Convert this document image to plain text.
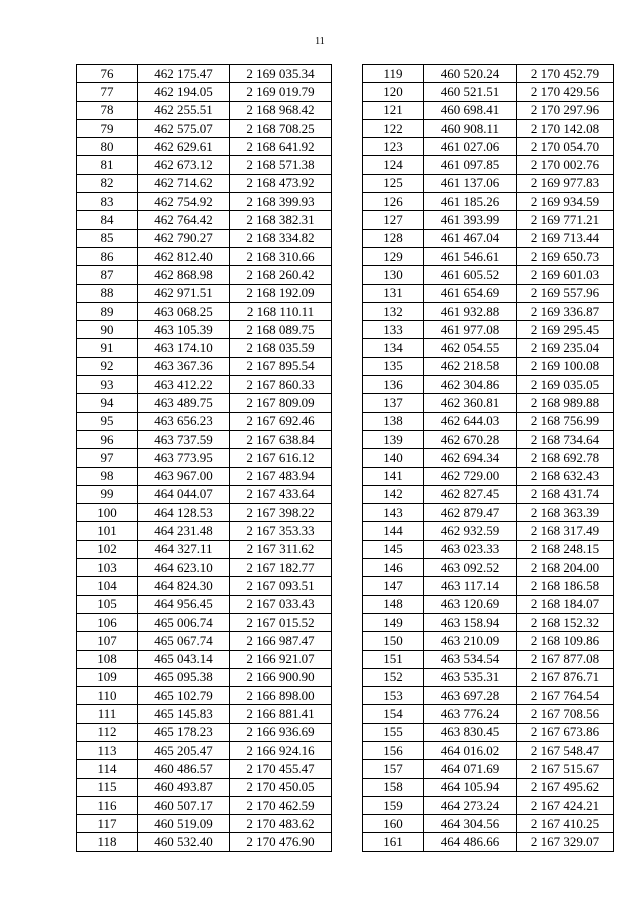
11
76	462 175.47	2 169 035.34
77	462 194.05	2 169 019.79
78	462 255.51	2 168 968.42
79	462 575.07	2 168 708.25
80	462 629.61	2 168 641.92
81	462 673.12	2 168 571.38
82	462 714.62	2 168 473.92
83	462 754.92	2 168 399.93
84	462 764.42	2 168 382.31
85	462 790.27	2 168 334.82
86	462 812.40	2 168 310.66
87	462 868.98	2 168 260.42
88	462 971.51	2 168 192.09
89	463 068.25	2 168 110.11
90	463 105.39	2 168 089.75
91	463 174.10	2 168 035.59
92	463 367.36	2 167 895.54
93	463 412.22	2 167 860.33
94	463 489.75	2 167 809.09
95	463 656.23	2 167 692.46
96	463 737.59	2 167 638.84
97	463 773.95	2 167 616.12
98	463 967.00	2 167 483.94
99	464 044.07	2 167 433.64
100	464 128.53	2 167 398.22
101	464 231.48	2 167 353.33
102	464 327.11	2 167 311.62
103	464 623.10	2 167 182.77
104	464 824.30	2 167 093.51
105	464 956.45	2 167 033.43
106	465 006.74	2 167 015.52
107	465 067.74	2 166 987.47
108	465 043.14	2 166 921.07
109	465 095.38	2 166 900.90
110	465 102.79	2 166 898.00
111	465 145.83	2 166 881.41
112	465 178.23	2 166 936.69
113	465 205.47	2 166 924.16
114	460 486.57	2 170 455.47
115	460 493.87	2 170 450.05
116	460 507.17	2 170 462.59
117	460 519.09	2 170 483.62
118	460 532.40	2 170 476.90
119	460 520.24	2 170 452.79
120	460 521.51	2 170 429.56
121	460 698.41	2 170 297.96
122	460 908.11	2 170 142.08
123	461 027.06	2 170 054.70
124	461 097.85	2 170 002.76
125	461 137.06	2 169 977.83
126	461 185.26	2 169 934.59
127	461 393.99	2 169 771.21
128	461 467.04	2 169 713.44
129	461 546.61	2 169 650.73
130	461 605.52	2 169 601.03
131	461 654.69	2 169 557.96
132	461 932.88	2 169 336.87
133	461 977.08	2 169 295.45
134	462 054.55	2 169 235.04
135	462 218.58	2 169 100.08
136	462 304.86	2 169 035.05
137	462 360.81	2 168 989.88
138	462 644.03	2 168 756.99
139	462 670.28	2 168 734.64
140	462 694.34	2 168 692.78
141	462 729.00	2 168 632.43
142	462 827.45	2 168 431.74
143	462 879.47	2 168 363.39
144	462 932.59	2 168 317.49
145	463 023.33	2 168 248.15
146	463 092.52	2 168 204.00
147	463 117.14	2 168 186.58
148	463 120.69	2 168 184.07
149	463 158.94	2 168 152.32
150	463 210.09	2 168 109.86
151	463 534.54	2 167 877.08
152	463 535.31	2 167 876.71
153	463 697.28	2 167 764.54
154	463 776.24	2 167 708.56
155	463 830.45	2 167 673.86
156	464 016.02	2 167 548.47
157	464 071.69	2 167 515.67
158	464 105.94	2 167 495.62
159	464 273.24	2 167 424.21
160	464 304.56	2 167 410.25
161	464 486.66	2 167 329.07
